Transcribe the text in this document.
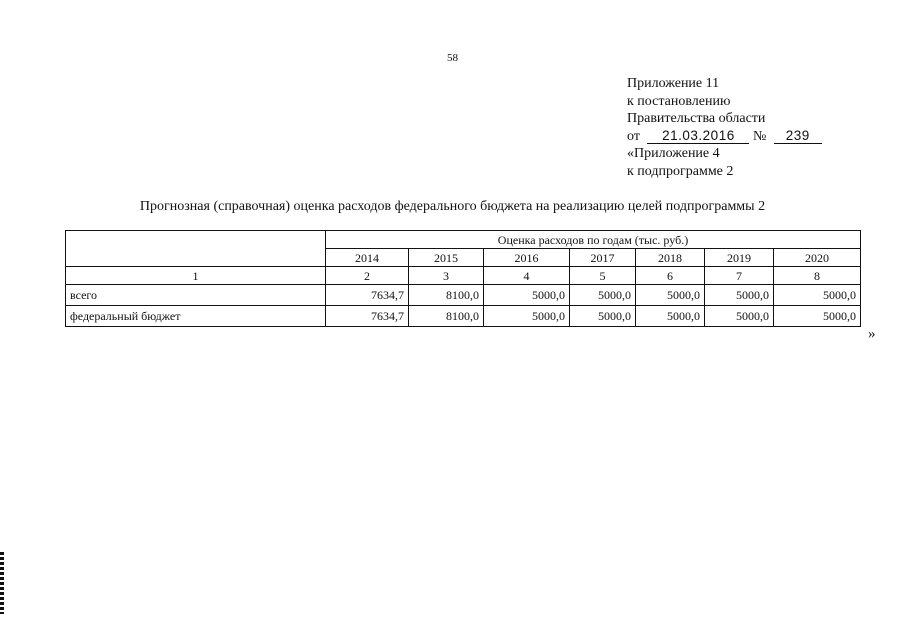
58
Приложение 11
к постановлению
Правительства области
от 21.03.2016 № 239
«Приложение 4
к подпрограмме 2
Прогнозная (справочная) оценка расходов федерального бюджета на реализацию целей подпрограммы 2
	Оценка расходов по годам (тыс. руб.)						
	2014	2015	2016	2017	2018	2019	2020
1	2	3	4	5	6	7	8
всего	7634,7	8100,0	5000,0	5000,0	5000,0	5000,0	5000,0
федеральный бюджет	7634,7	8100,0	5000,0	5000,0	5000,0	5000,0	5000,0
»
